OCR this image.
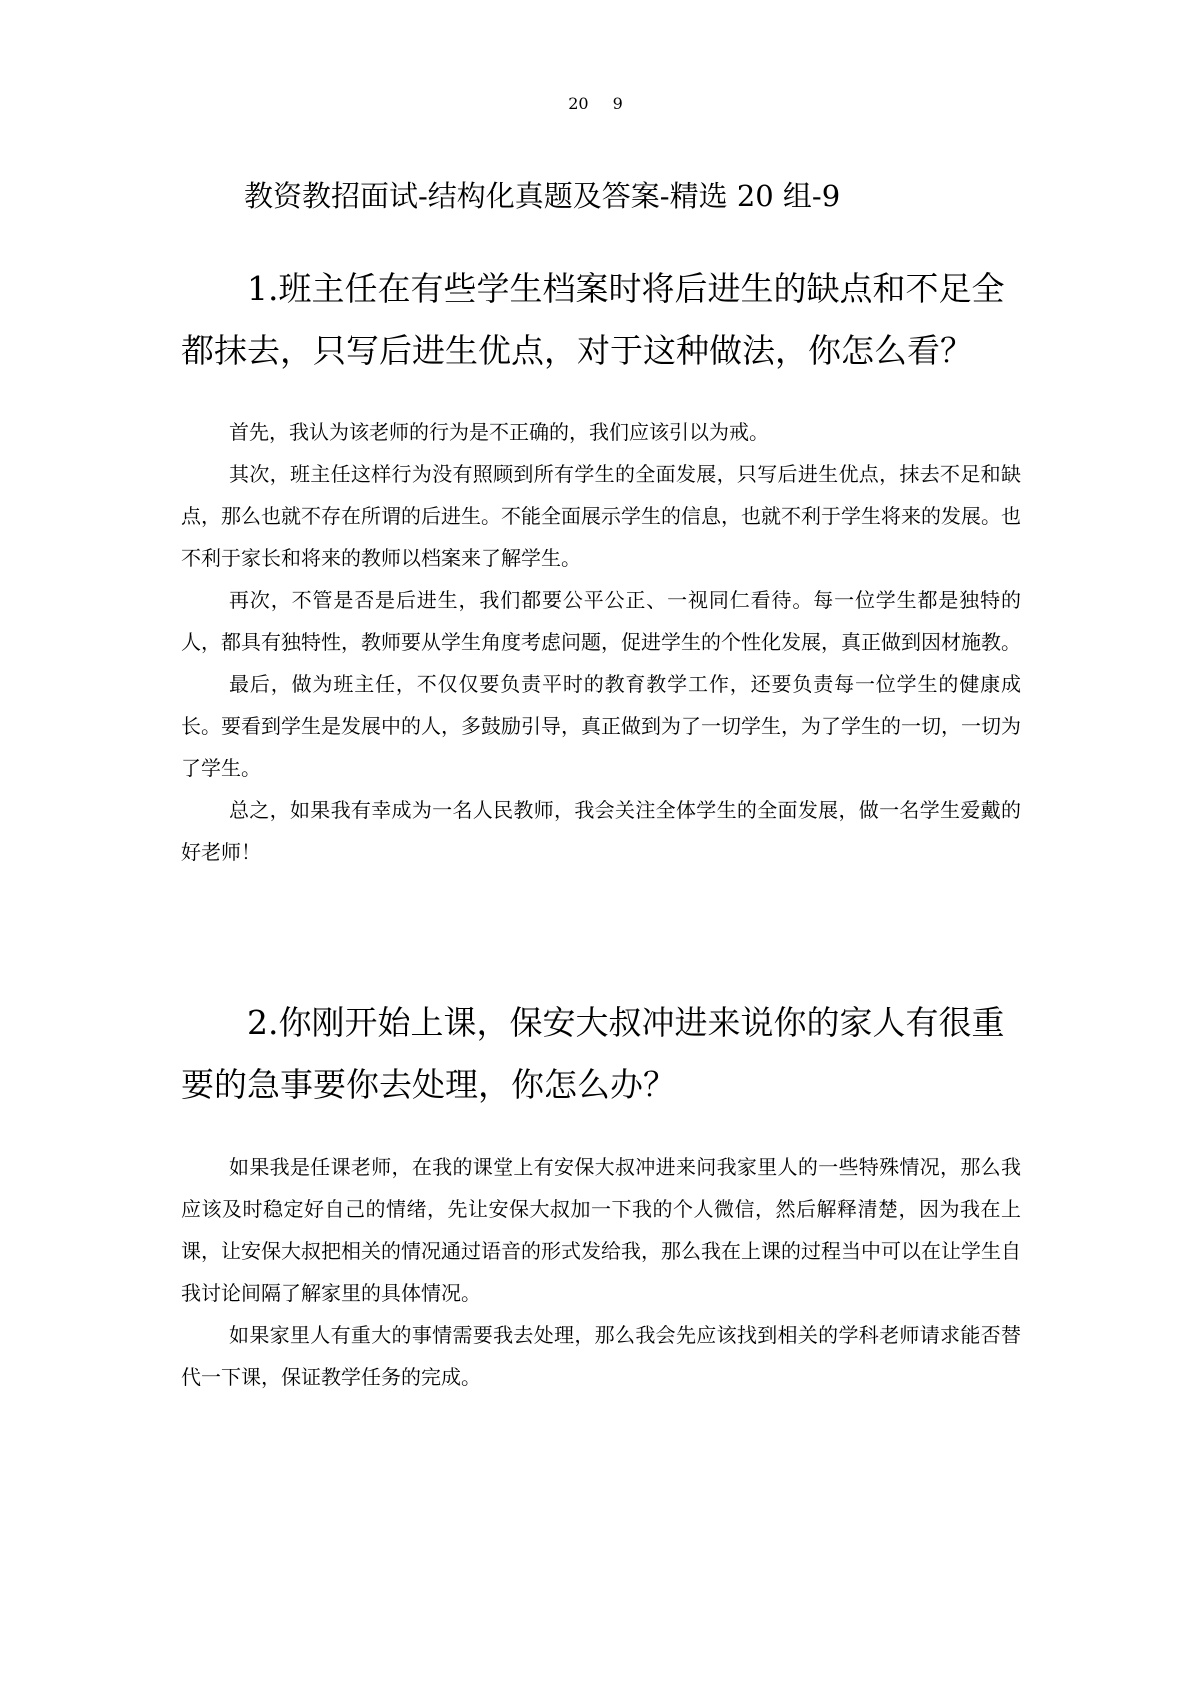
20 9
教资教招面试-结构化真题及答案-精选 20 组-9
1.班主任在有些学生档案时将后进生的缺点和不足全都抹去，只写后进生优点，对于这种做法，你怎么看？

首先，我认为该老师的行为是不正确的，我们应该引以为戒。

其次，班主任这样行为没有照顾到所有学生的全面发展，只写后进生优点，抹去不足和缺点，那么也就不存在所谓的后进生。不能全面展示学生的信息，也就不利于学生将来的发展。也不利于家长和将来的教师以档案来了解学生。

再次，不管是否是后进生，我们都要公平公正、一视同仁看待。每一位学生都是独特的人，都具有独特性，教师要从学生角度考虑问题，促进学生的个性化发展，真正做到因材施教。

最后，做为班主任，不仅仅要负责平时的教育教学工作，还要负责每一位学生的健康成长。要看到学生是发展中的人，多鼓励引导，真正做到为了一切学生，为了学生的一切，一切为了学生。

总之，如果我有幸成为一名人民教师，我会关注全体学生的全面发展，做一名学生爱戴的好老师！

2.你刚开始上课，保安大叔冲进来说你的家人有很重要的急事要你去处理，你怎么办？

如果我是任课老师，在我的课堂上有安保大叔冲进来问我家里人的一些特殊情况，那么我应该及时稳定好自己的情绪，先让安保大叔加一下我的个人微信，然后解释清楚，因为我在上课，让安保大叔把相关的情况通过语音的形式发给我，那么我在上课的过程当中可以在让学生自我讨论间隔了解家里的具体情况。

如果家里人有重大的事情需要我去处理，那么我会先应该找到相关的学科老师请求能否替代一下课，保证教学任务的完成。
